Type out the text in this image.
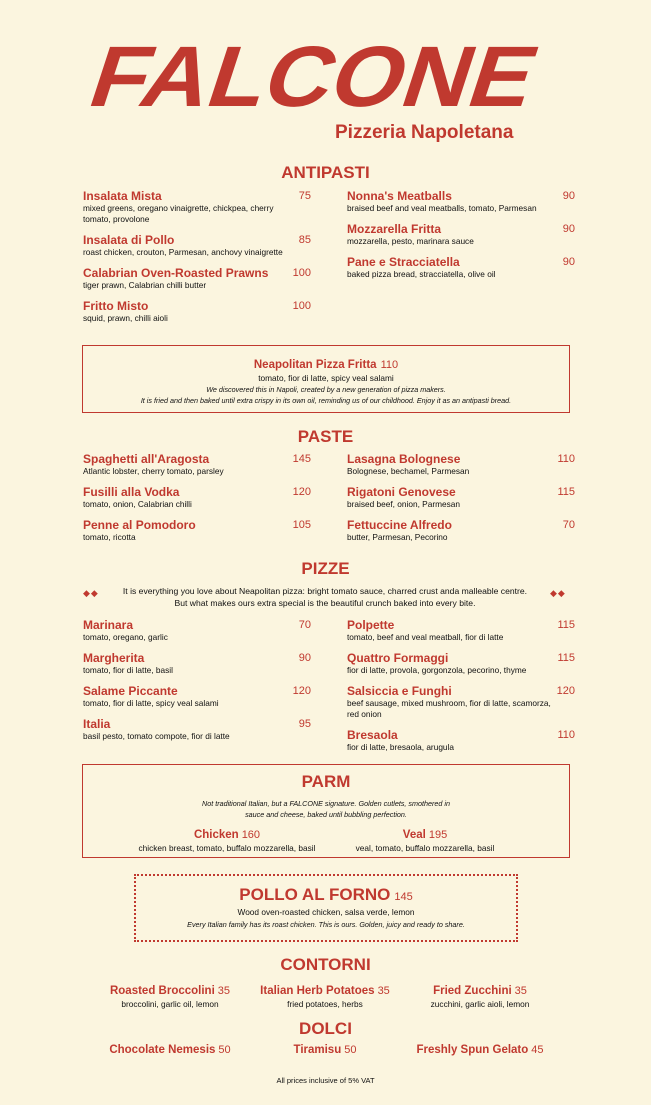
FALCONE
Pizzeria Napoletana
ANTIPASTI
Insalata Mista	75
mixed greens, oregano vinaigrette, chickpea, cherry tomato, provolone
Insalata di Pollo	85
roast chicken, crouton, Parmesan, anchovy vinaigrette
Calabrian Oven-Roasted Prawns	100
tiger prawn, Calabrian chilli butter
Fritto Misto	100
squid, prawn, chilli aioli
Nonna's Meatballs	90
braised beef and veal meatballs, tomato, Parmesan
Mozzarella Fritta	90
mozzarella, pesto, marinara sauce
Pane e Stracciatella	90
baked pizza bread, stracciatella, olive oil
Neapolitan Pizza Fritta 110
tomato, fior di latte, spicy veal salami
We discovered this in Napoli, created by a new generation of pizza makers.
It is fried and then baked until extra crispy in its own oil, reminding us of our childhood. Enjoy it as an antipasti bread.
PASTE
Spaghetti all'Aragosta	145
Atlantic lobster, cherry tomato, parsley
Fusilli alla Vodka	120
tomato, onion, Calabrian chilli
Penne al Pomodoro	105
tomato, ricotta
Lasagna Bolognese	110
Bolognese, bechamel, Parmesan
Rigatoni Genovese	115
braised beef, onion, Parmesan
Fettuccine Alfredo	70
butter, Parmesan, Pecorino
PIZZE
◆◆	◆◆
It is everything you love about Neapolitan pizza: bright tomato sauce, charred crust anda malleable centre.
But what makes ours extra special is the beautiful crunch baked into every bite.
Marinara	70
tomato, oregano, garlic
Margherita	90
tomato, fior di latte, basil
Salame Piccante	120
tomato, fior di latte, spicy veal salami
Italia	95
basil pesto, tomato compote, fior di latte
Polpette	115
tomato, beef and veal meatball, fior di latte
Quattro Formaggi	115
fior di latte, provola, gorgonzola, pecorino, thyme
Salsiccia e Funghi	120
beef sausage, mixed mushroom, fior di latte, scamorza, red onion
Bresaola	110
fior di latte, bresaola, arugula
PARM
Not traditional Italian, but a FALCONE signature. Golden cutlets, smothered in
sauce and cheese, baked until bubbling perfection.
Chicken 160
chicken breast, tomato, buffalo mozzarella, basil
Veal 195
veal, tomato, buffalo mozzarella, basil
POLLO AL FORNO 145
Wood oven-roasted chicken, salsa verde, lemon
Every Italian family has its roast chicken. This is ours. Golden, juicy and ready to share.
CONTORNI
Roasted Broccolini 35
broccolini, garlic oil, lemon
Italian Herb Potatoes 35
fried potatoes, herbs
Fried Zucchini 35
zucchini, garlic aioli, lemon
DOLCI
Chocolate Nemesis 50	Tiramisu 50	Freshly Spun Gelato 45
All prices inclusive of 5% VAT
